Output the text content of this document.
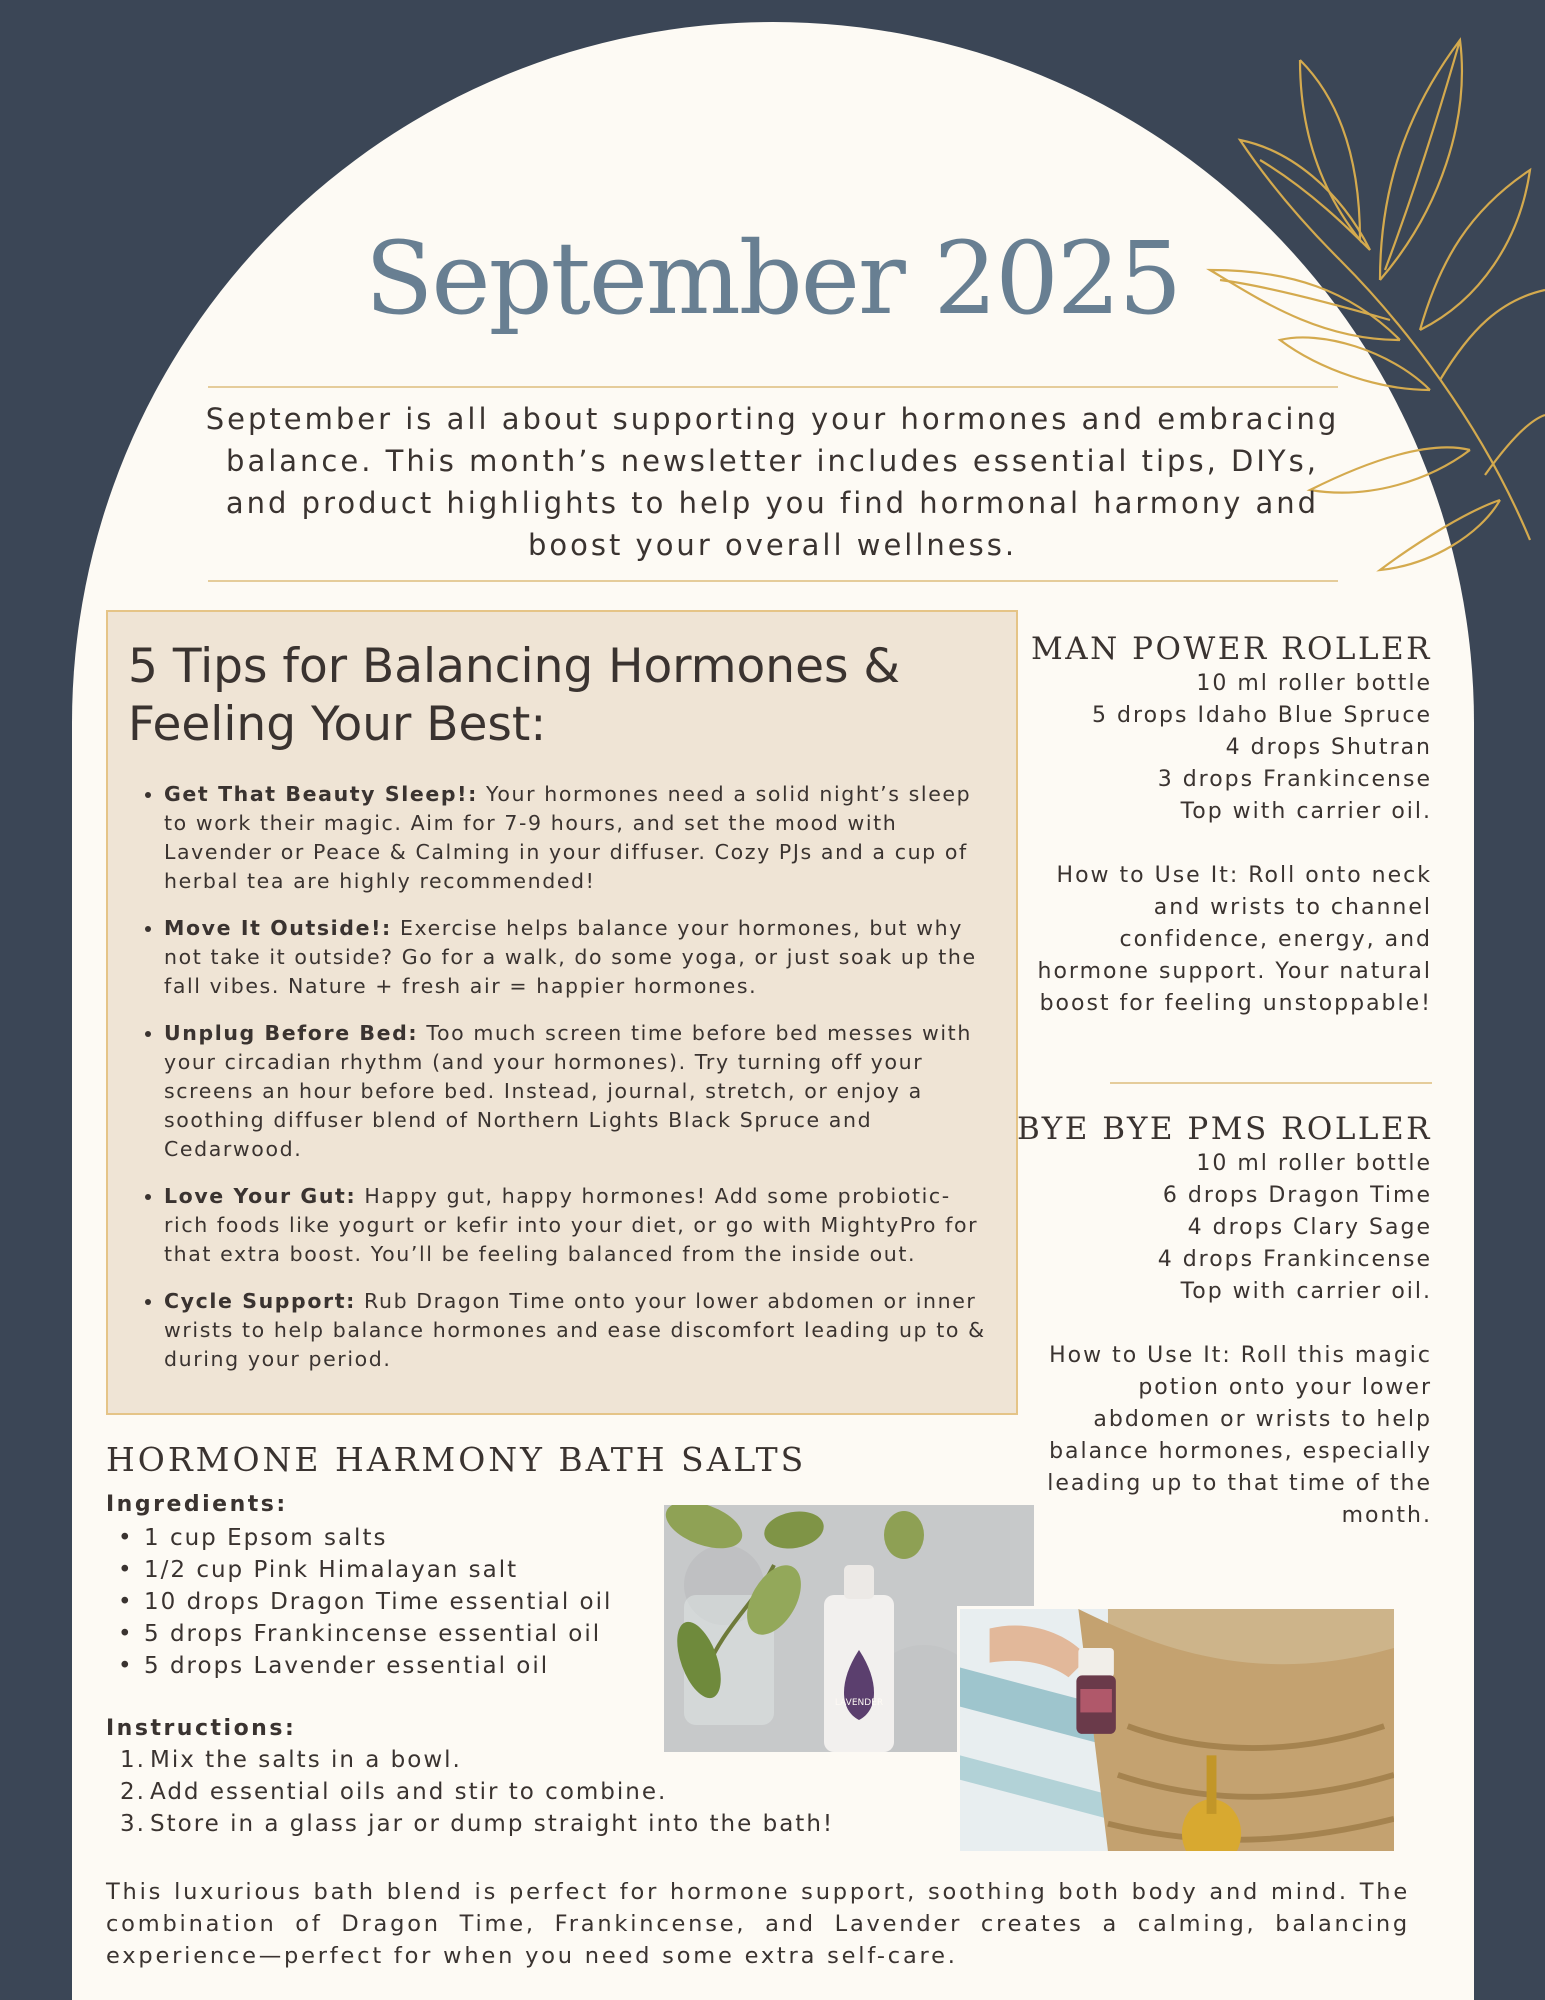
September 2025

September is all about supporting your hormones and embracing balance. This month’s newsletter includes essential tips, DIYs, and product highlights to help you find hormonal harmony and boost your overall wellness.

5 Tips for Balancing Hormones & Feeling Your Best:
• Get That Beauty Sleep!: Your hormones need a solid night’s sleep to work their magic. Aim for 7-9 hours, and set the mood with Lavender or Peace & Calming in your diffuser. Cozy PJs and a cup of herbal tea are highly recommended!
• Move It Outside!: Exercise helps balance your hormones, but why not take it outside? Go for a walk, do some yoga, or just soak up the fall vibes. Nature + fresh air = happier hormones.
• Unplug Before Bed: Too much screen time before bed messes with your circadian rhythm (and your hormones). Try turning off your screens an hour before bed. Instead, journal, stretch, or enjoy a soothing diffuser blend of Northern Lights Black Spruce and Cedarwood.
• Love Your Gut: Happy gut, happy hormones! Add some probiotic-rich foods like yogurt or kefir into your diet, or go with MightyPro for that extra boost. You’ll be feeling balanced from the inside out.
• Cycle Support: Rub Dragon Time onto your lower abdomen or inner wrists to help balance hormones and ease discomfort leading up to & during your period.
MAN POWER ROLLER
10 ml roller bottle
5 drops Idaho Blue Spruce
4 drops Shutran
3 drops Frankincense
Top with carrier oil.

How to Use It: Roll onto neck and wrists to channel confidence, energy, and hormone support. Your natural boost for feeling unstoppable!

BYE BYE PMS ROLLER
10 ml roller bottle
6 drops Dragon Time
4 drops Clary Sage
4 drops Frankincense
Top with carrier oil.

How to Use It: Roll this magic potion onto your lower abdomen or wrists to help balance hormones, especially leading up to that time of the month.

HORMONE HARMONY BATH SALTS
Ingredients:
• 1 cup Epsom salts
• 1/2 cup Pink Himalayan salt
• 10 drops Dragon Time essential oil
• 5 drops Frankincense essential oil
• 5 drops Lavender essential oil
Instructions:
1. Mix the salts in a bowl.
2. Add essential oils and stir to combine.
3. Store in a glass jar or dump straight into the bath!
LAVENDER

This luxurious bath blend is perfect for hormone support, soothing both body and mind. The combination of Dragon Time, Frankincense, and Lavender creates a calming, balancing experience—perfect for when you need some extra self-care.
